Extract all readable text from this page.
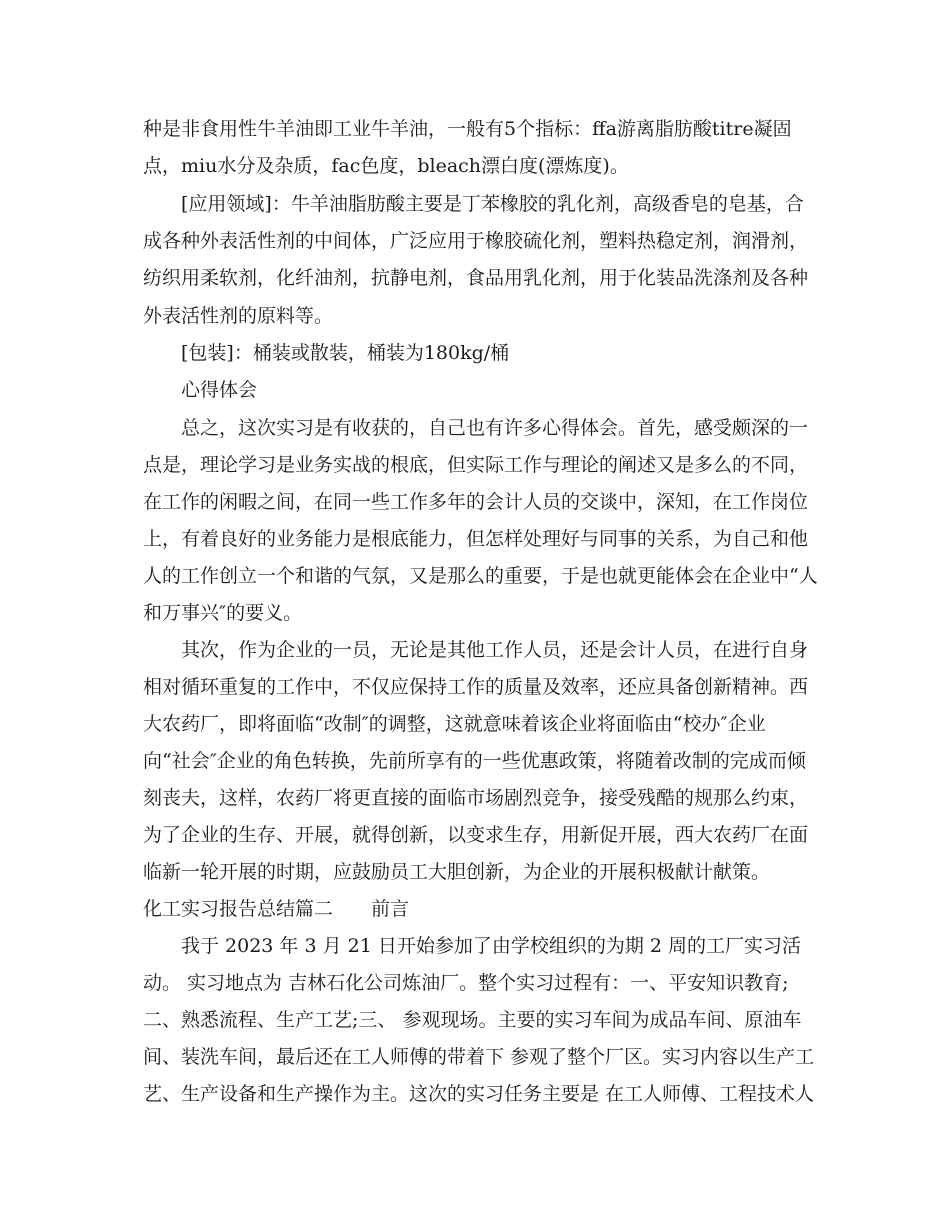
种是非食用性牛羊油即工业牛羊油，一般有5个指标：ffa游离脂肪酸titre凝固

点，miu水分及杂质，fac色度，bleach漂白度(漂炼度)。

[应用领域]：牛羊油脂肪酸主要是丁苯橡胶的乳化剂，高级香皂的皂基，合

成各种外表活性剂的中间体，广泛应用于橡胶硫化剂，塑料热稳定剂，润滑剂，

纺织用柔软剂，化纤油剂，抗静电剂，食品用乳化剂，用于化装品洗涤剂及各种

外表活性剂的原料等。

[包装]：桶装或散装，桶装为180kg/桶

心得体会

总之，这次实习是有收获的，自己也有许多心得体会。首先，感受颇深的一

点是，理论学习是业务实战的根底，但实际工作与理论的阐述又是多么的不同，

在工作的闲暇之间，在同一些工作多年的会计人员的交谈中，深知，在工作岗位

上，有着良好的业务能力是根底能力，但怎样处理好与同事的关系，为自己和他

人的工作创立一个和谐的气氛，又是那么的重要，于是也就更能体会在企业中“人

和万事兴″的要义。

其次，作为企业的一员，无论是其他工作人员，还是会计人员，在进行自身

相对循环重复的工作中，不仅应保持工作的质量及效率，还应具备创新精神。西

大农药厂，即将面临“改制″的调整，这就意味着该企业将面临由“校办″企业

向“社会″企业的角色转换，先前所享有的一些优惠政策，将随着改制的完成而倾

刻丧夫，这样，农药厂将更直接的面临市场剧烈竞争，接受残酷的规那么约束，

为了企业的生存、开展，就得创新，以变求生存，用新促开展，西大农药厂在面

临新一轮开展的时期，应鼓励员工大胆创新，为企业的开展积极献计献策。

化工实习报告总结篇二　　前言

我于 2023 年 3 月 21 日开始参加了由学校组织的为期 2 周的工厂实习活

动。 实习地点为 吉林石化公司炼油厂。整个实习过程有：一、平安知识教育;

二、熟悉流程、生产工艺;三、 参观现场。主要的实习车间为成品车间、原油车

间、装洗车间，最后还在工人师傅的带着下 参观了整个厂区。实习内容以生产工

艺、生产设备和生产操作为主。这次的实习任务主要是 在工人师傅、工程技术人
